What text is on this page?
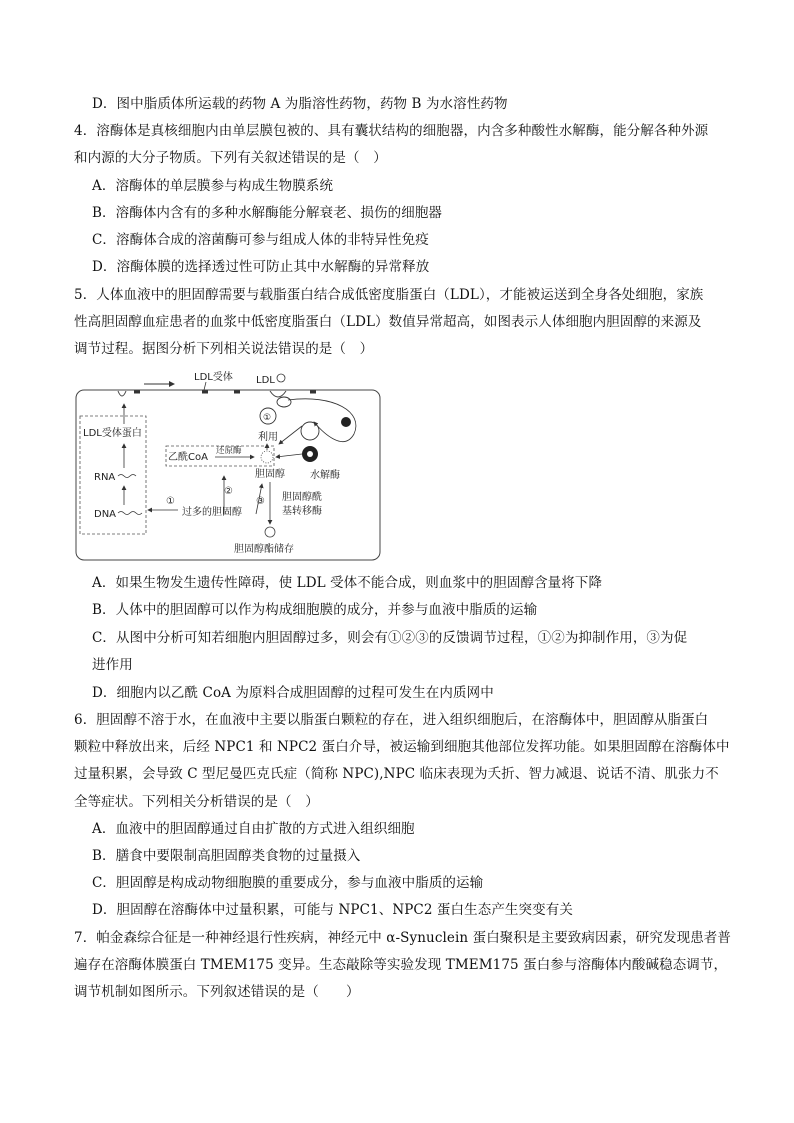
D．图中脂质体所运载的药物 A 为脂溶性药物，药物 B 为水溶性药物
4．溶酶体是真核细胞内由单层膜包被的、具有囊状结构的细胞器，内含多种酸性水解酶，能分解各种外源
和内源的大分子物质。下列有关叙述错误的是（　）
A．溶酶体的单层膜参与构成生物膜系统
B．溶酶体内含有的多种水解酶能分解衰老、损伤的细胞器
C．溶酶体合成的溶菌酶可参与组成人体的非特异性免疫
D．溶酶体膜的选择透过性可防止其中水解酶的异常释放
5．人体血液中的胆固醇需要与载脂蛋白结合成低密度脂蛋白（LDL），才能被运送到全身各处细胞，家族
性高胆固醇血症患者的血浆中低密度脂蛋白（LDL）数值异常超高，如图表示人体细胞内胆固醇的来源及
调节过程。据图分析下列相关说法错误的是（　）
LDL受体 LDL
LDL受体蛋白
RNA
DNA
乙酰CoA
还原酶
利用
胆固醇
①
水解酶
②
③
①
过多的胆固醇
胆固醇酰
基转移酶
胆固醇酯储存
A．如果生物发生遗传性障碍，使 LDL 受体不能合成，则血浆中的胆固醇含量将下降
B．人体中的胆固醇可以作为构成细胞膜的成分，并参与血液中脂质的运输
C．从图中分析可知若细胞内胆固醇过多，则会有①②③的反馈调节过程，①②为抑制作用，③为促
进作用
D．细胞内以乙酰 CoA 为原料合成胆固醇的过程可发生在内质网中
6．胆固醇不溶于水，在血液中主要以脂蛋白颗粒的存在，进入组织细胞后，在溶酶体中，胆固醇从脂蛋白
颗粒中释放出来，后经 NPC1 和 NPC2 蛋白介导，被运输到细胞其他部位发挥功能。如果胆固醇在溶酶体中
过量积累，会导致 C 型尼曼匹克氏症（简称 NPC),NPC 临床表现为夭折、智力减退、说话不清、肌张力不
全等症状。下列相关分析错误的是（　）
A．血液中的胆固醇通过自由扩散的方式进入组织细胞
B．膳食中要限制高胆固醇类食物的过量摄入
C．胆固醇是构成动物细胞膜的重要成分，参与血液中脂质的运输
D．胆固醇在溶酶体中过量积累，可能与 NPC1、NPC2 蛋白生态产生突变有关
7．帕金森综合征是一种神经退行性疾病，神经元中 α-Synuclein 蛋白聚积是主要致病因素，研究发现患者普
遍存在溶酶体膜蛋白 TMEM175 变异。生态敲除等实验发现 TMEM175 蛋白参与溶酶体内酸碱稳态调节，
调节机制如图所示。下列叙述错误的是（　　）
